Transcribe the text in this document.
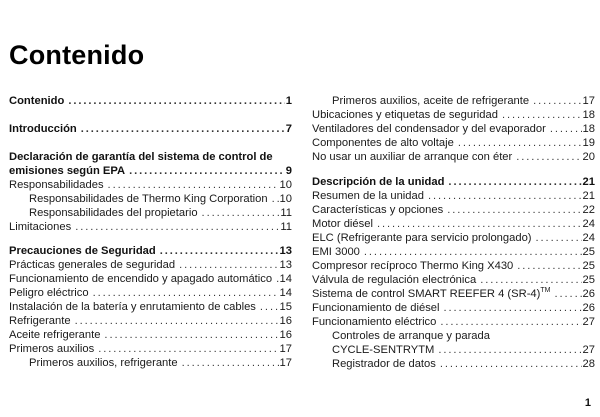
Contenido
Contenido . . .	1
Introducción . . .	7
Declaración de garantía del sistema de control de
emisiones según EPA . . .	9
Responsabilidades . . .	10
Responsabilidades de Thermo King Corporation . . . 10
Responsabilidades del propietario . . .	11
Limitaciones . . .	11
Precauciones de Seguridad . . .	13
Prácticas generales de seguridad . . .	13
Funcionamiento de encendido y apagado automático . . . 14
Peligro eléctrico . . .	14
Instalación de la batería y enrutamiento de cables . . . 15
Refrigerante . . .	16
Aceite refrigerante . . .	16
Primeros auxilios . . .	17
Primeros auxilios, refrigerante . . .	17
Primeros auxilios, aceite de refrigerante . . .	17
Ubicaciones y etiquetas de seguridad . . .	18
Ventiladores del condensador y del evaporador . . .	18
Componentes de alto voltaje . . .	19
No usar un auxiliar de arranque con éter . . .	20
Descripción de la unidad . . .	21
Resumen de la unidad . . .	21
Características y opciones . . .	22
Motor diésel . . .	24
ELC (Refrigerante para servicio prolongado) . . .	24
EMI 3000 . . .	25
Compresor recíproco Thermo King X430 . . .	25
Válvula de regulación electrónica . . .	25
Sistema de control SMART REEFER 4 (SR-4)™ . . .	26
Funcionamiento de diésel . . .	26
Funcionamiento eléctrico . . .	27
Controles de arranque y parada
CYCLE-SENTRYTM . . .	27
Registrador de datos . . .	28
1
